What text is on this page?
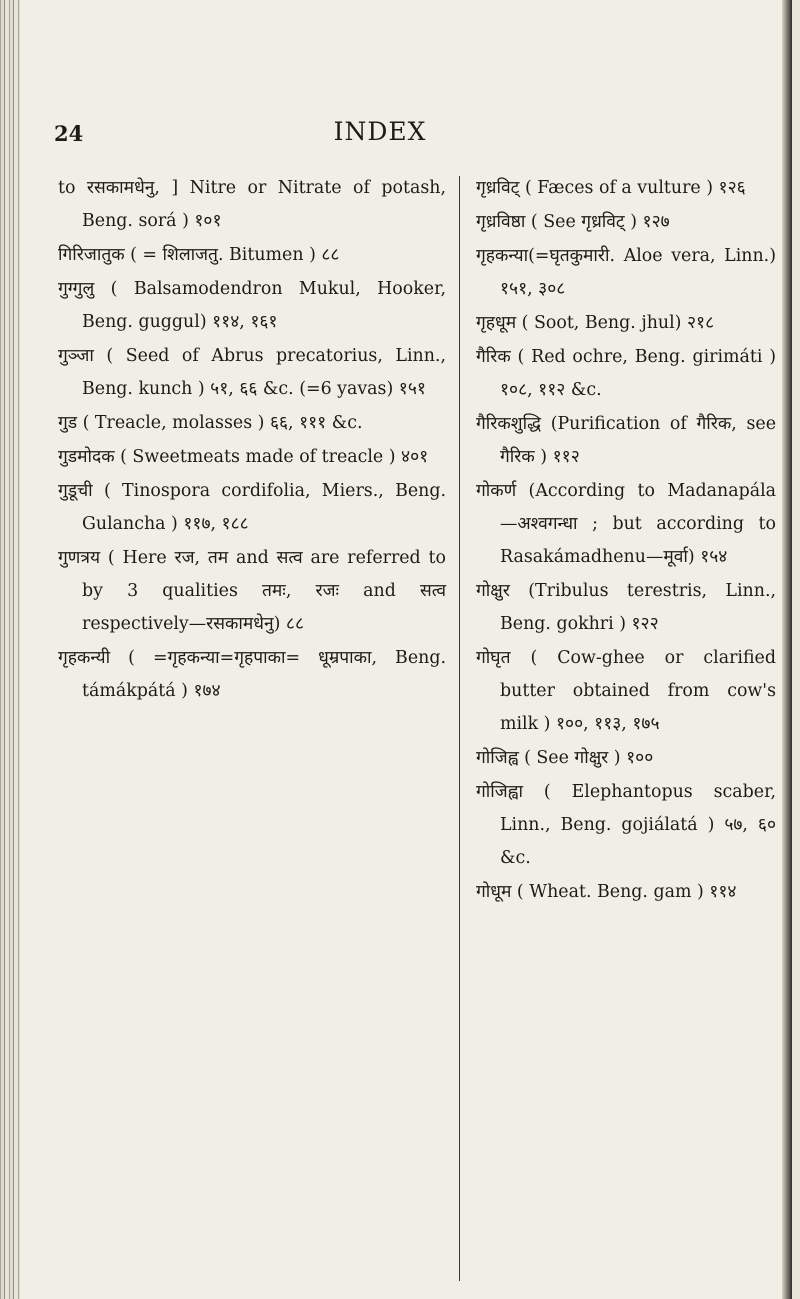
24	INDEX

to रसकामधेनु, ] Nitre or Nitrate of potash, Beng. sorá ) १०१

गिरिजातुक ( = शिलाजतु. Bitumen ) ८८

गुग्गुलु ( Balsamodendron Mukul, Hooker, Beng. guggul) ११४, १६१

गुञ्जा ( Seed of Abrus precatorius, Linn., Beng. kunch ) ५१, ६६ &c. (=6 yavas) १५१

गुड ( Treacle, molasses ) ६६, १११ &c.

गुडमोदक ( Sweetmeats made of treacle ) ४०१

गुडूची ( Tinospora cordifolia, Miers., Beng. Gulancha ) ११७, १८८

गुणत्रय ( Here रज, तम and सत्व are referred to by 3 qualities तमः, रजः and सत्व respectively—रसकामधेनु) ८८

गृहकन्यी ( =गृहकन्या=गृहपाका= धूम्रपाका, Beng. támákpátá ) १७४

गृध्रविट् ( Fæces of a vulture ) १२६

गृध्रविष्ठा ( See गृध्रविट् ) १२७

गृहकन्या(=घृतकुमारी. Aloe vera, Linn.) १५१, ३०८

गृहधूम ( Soot, Beng. jhul) २१८

गैरिक ( Red ochre, Beng. girimáti ) १०८, ११२ &c.

गैरिकशुद्धि (Purification of गैरिक, see गैरिक ) ११२

गोकर्ण (According to Madanapála —अश्वगन्धा ; but according to Rasakámadhenu—मूर्वा) १५४

गोक्षुर (Tribulus terestris, Linn., Beng. gokhri ) १२२

गोघृत ( Cow-ghee or clarified butter obtained from cow's milk ) १००, ११३, १७५

गोजिह्व ( See गोक्षुर ) १००

गोजिह्वा ( Elephantopus scaber, Linn., Beng. gojiálatá ) ५७, ६० &c.

गोधूम ( Wheat. Beng. gam ) ११४
